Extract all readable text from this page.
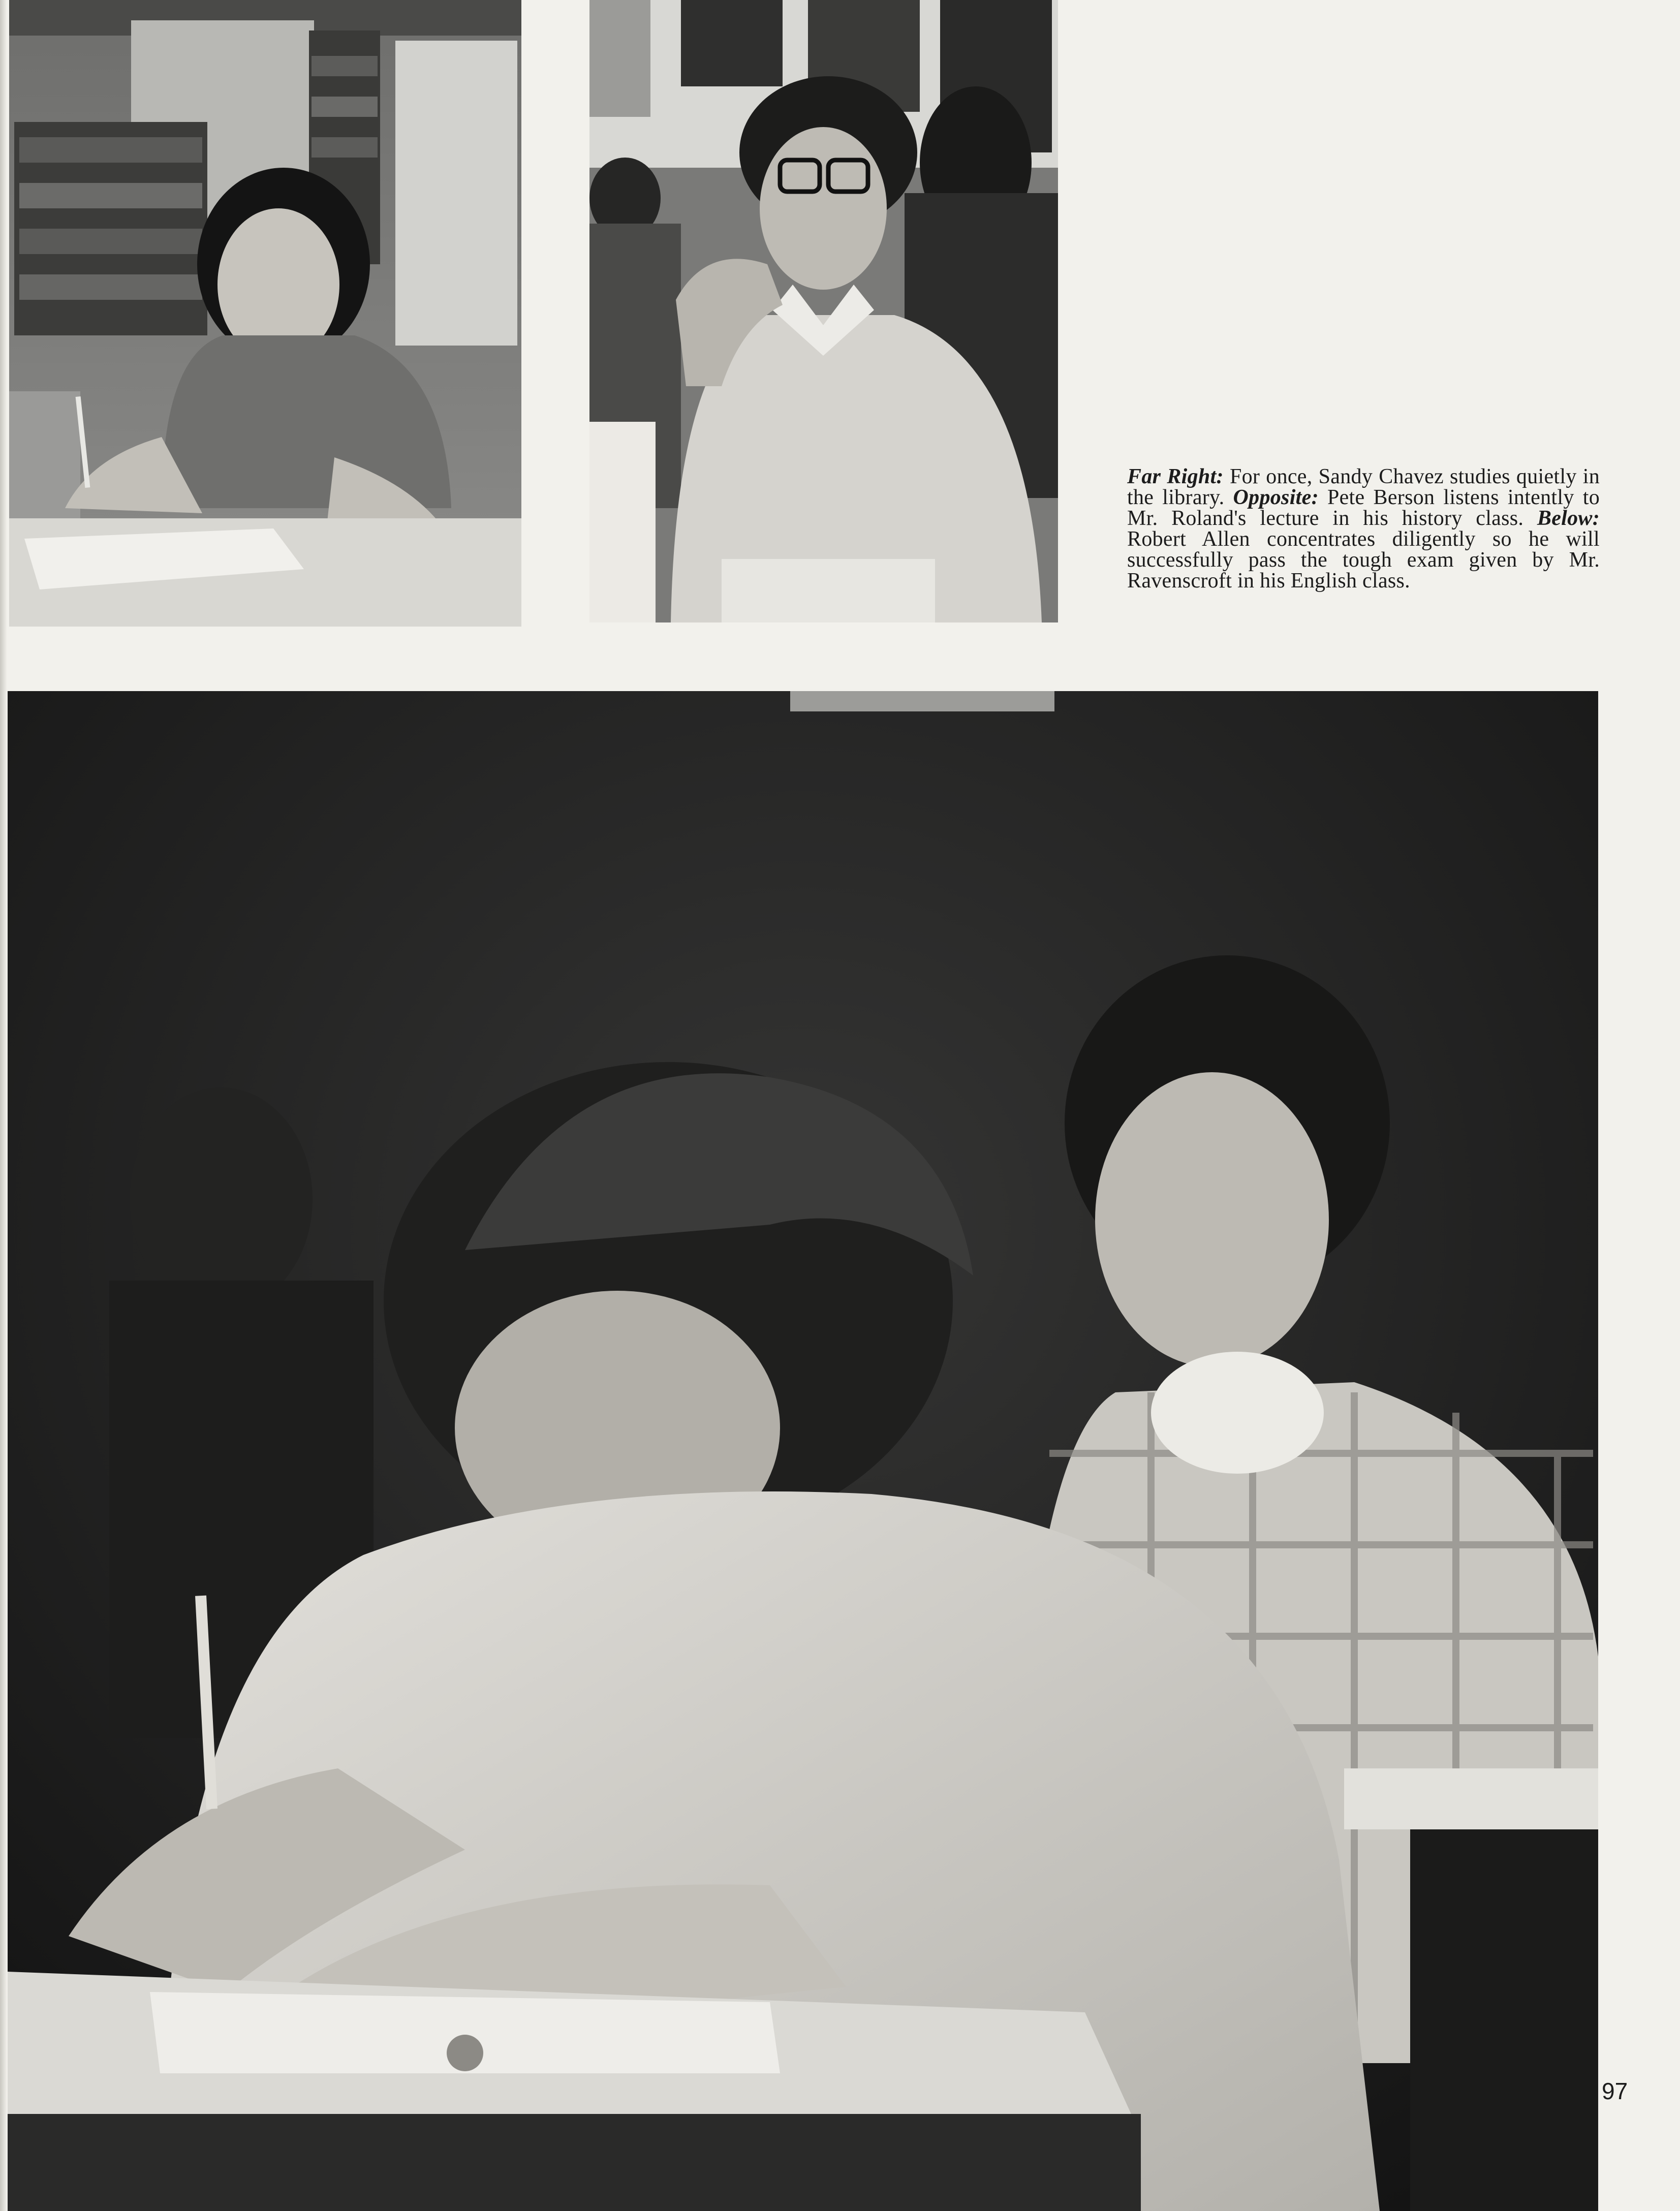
Far Right: For once, Sandy Chavez studies quietly in the library. Opposite: Pete Berson listens intently to Mr. Roland's lecture in his history class. Below: Robert Allen concentrates diligently so he will successfully pass the tough exam given by Mr. Ravenscroft in his English class.
97
